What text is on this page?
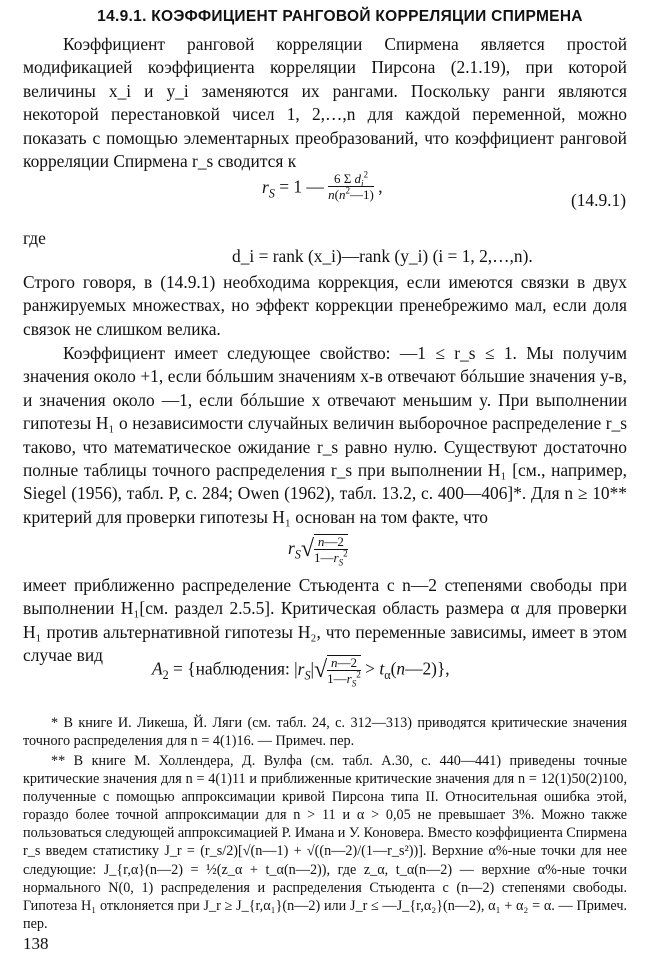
14.9.1. КОЭФФИЦИЕНТ РАНГОВОЙ КОРРЕЛЯЦИИ СПИРМЕНА

Коэффициент ранговой корреляции Спирмена является простой модификацией коэффициента корреляции Пирсона (2.1.19), при которой величины x_i и y_i заменяются их рангами. Поскольку ранги являются некоторой перестановкой чисел 1, 2,…,n для каждой переменной, можно показать с помощью элементарных преобразований, что коэффициент ранговой корреляции Спирмена r_s сводится к

$r_S = 1$ — $\frac{6 \Sigma d_i^2}{n(n^2—1)}$ ,
(14.9.1)

где

d_i = rank (x_i)—rank (y_i) (i = 1, 2,…,n).

Строго говоря, в (14.9.1) необходима коррекция, если имеются связки в двух ранжируемых множествах, но эффект коррекции пренебрежимо мал, если доля связок не слишком велика.

Коэффициент имеет следующее свойство: —1 ≤ r_s ≤ 1. Мы получим значения около +1, если бóльшим значениям x-в отвечают бóльшие значения y-в, и значения около —1, если бóльшие x отвечают меньшим y. При выполнении гипотезы H₁ о независимости случайных величин выборочное распределение r_s таково, что математическое ожидание r_s равно нулю. Существуют достаточно полные таблицы точного распределения r_s при выполнении H₁ [см., например, Siegel (1956), табл. Р, с. 284; Owen (1962), табл. 13.2, с. 400—406]*. Для n ≥ 10** критерий для проверки гипотезы H₁ основан на том факте, что

$r_S√ \frac{n—2}{1—r_S^2}$

имеет приближенно распределение Стьюдента с n—2 степенями свободы при выполнении H₁[см. раздел 2.5.5]. Критическая область размера α для проверки H₁ против альтернативной гипотезы H₂, что переменные зависимы, имеет в этом случае вид

$A_2$ = {наблюдения: $|r_S|√ \frac{n—2}{1—r_S^2}$ > $t_\alpha(n—2)$},

* В книге И. Ликеша, Й. Ляги (см. табл. 24, с. 312—313) приводятся критические значения точного распределения для n = 4(1)16. — Примеч. пер.

** В книге М. Холлендера, Д. Вулфа (см. табл. А.30, с. 440—441) приведены точные критические значения для n = 4(1)11 и приближенные критические значения для n = 12(1)50(2)100, полученные с помощью аппроксимации кривой Пирсона типа II. Относительная ошибка этой, гораздо более точной аппроксимации для n > 11 и α > 0,05 не превышает 3%. Можно также пользоваться следующей аппроксимацией Р. Имана и У. Коновера. Вместо коэффициента Спирмена r_s введем статистику J_r = (r_s/2)[√(n—1) + √((n—2)/(1—r_s²))]. Верхние α%-ные точки для нее следующие: J_{r,α}(n—2) = ½(z_α + t_α(n—2)), где z_α, t_α(n—2) — верхние α%-ные точки нормального N(0, 1) распределения и распределения Стьюдента с (n—2) степенями свободы. Гипотеза H₁ отклоняется при J_r ≥ J_{r,α₁}(n—2) или J_r ≤ —J_{r,α₂}(n—2), α₁ + α₂ = α. — Примеч. пер.

138
